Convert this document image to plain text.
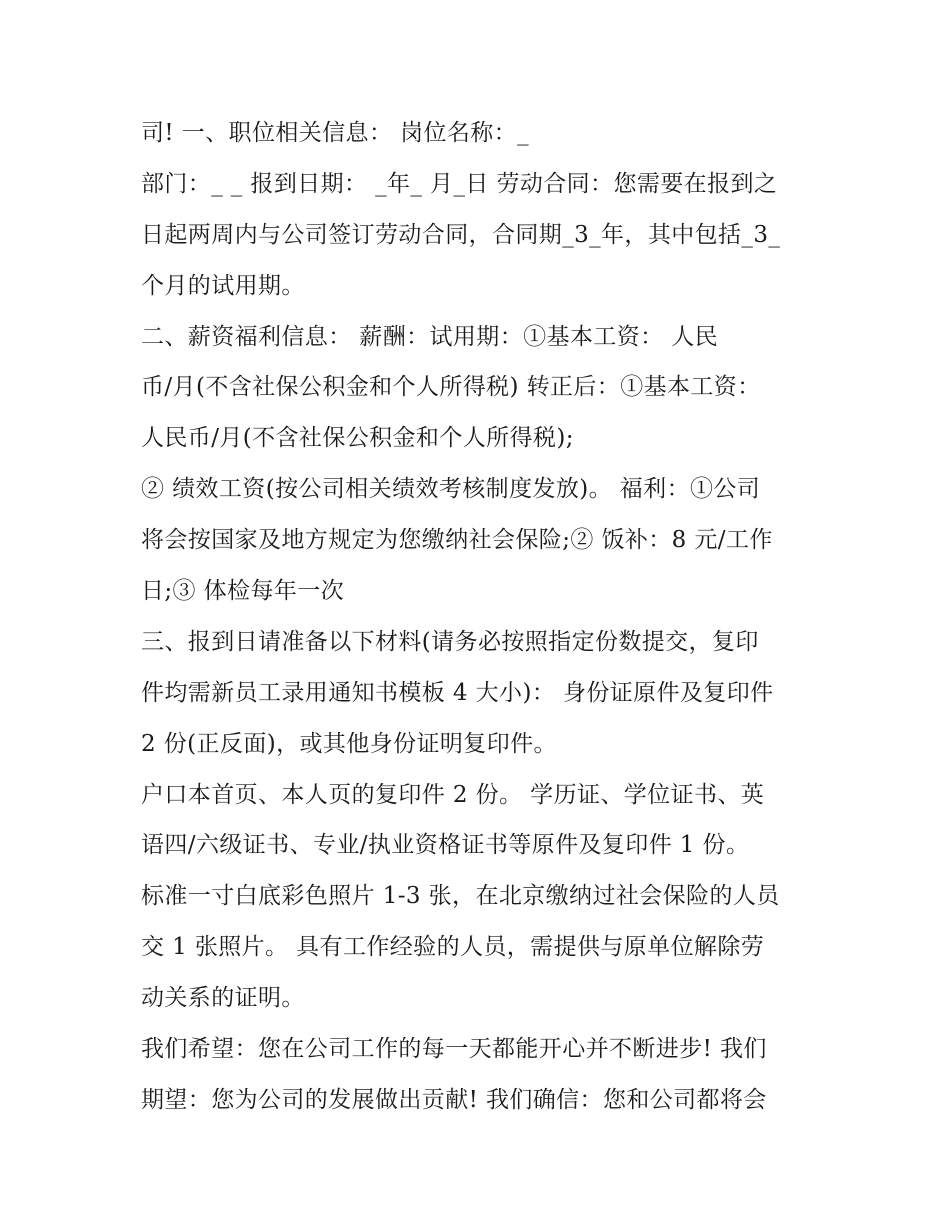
司! 一、职位相关信息： 岗位名称：_
部门：_ _ 报到日期： _年_ 月_日 劳动合同：您需要在报到之
日起两周内与公司签订劳动合同，合同期_3_年，其中包括_3_
个月的试用期。
二、薪资福利信息： 薪酬：试用期：①基本工资： 人民
币/月(不含社保公积金和个人所得税) 转正后：①基本工资：
人民币/月(不含社保公积金和个人所得税);
② 绩效工资(按公司相关绩效考核制度发放)。 福利：①公司
将会按国家及地方规定为您缴纳社会保险;② 饭补：8 元/工作
日;③ 体检每年一次
三、报到日请准备以下材料(请务必按照指定份数提交，复印
件均需新员工录用通知书模板 4 大小)： 身份证原件及复印件
2 份(正反面)，或其他身份证明复印件。
户口本首页、本人页的复印件 2 份。 学历证、学位证书、英
语四/六级证书、专业/执业资格证书等原件及复印件 1 份。
标准一寸白底彩色照片 1-3 张，在北京缴纳过社会保险的人员
交 1 张照片。 具有工作经验的人员，需提供与原单位解除劳
动关系的证明。
我们希望：您在公司工作的每一天都能开心并不断进步! 我们
期望：您为公司的发展做出贡献! 我们确信：您和公司都将会
